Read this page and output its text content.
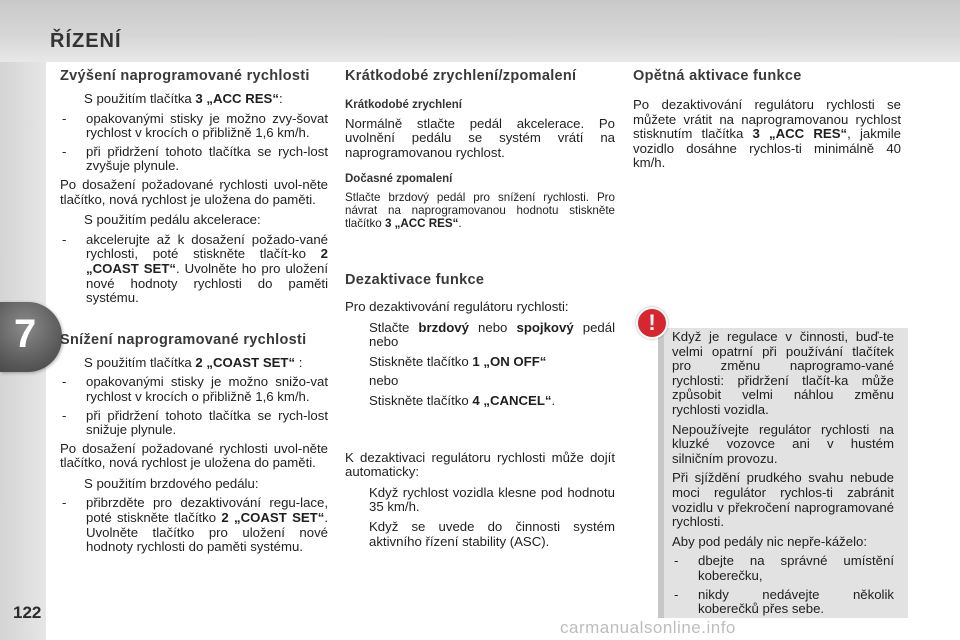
ŘÍZENÍ
7
122
Zvýšení naprogramované rychlosti
S použitím tlačítka 3 „ACC RES“:
- opakovanými stisky je možno zvy-šovat rychlost v krocích o přibližně 1,6 km/h.
- při přidržení tohoto tlačítka se rych-lost zvyšuje plynule.

Po dosažení požadované rychlosti uvol-něte tlačítko, nová rychlost je uložena do paměti.

S použitím pedálu akcelerace:
- akcelerujte až k dosažení požado-vané rychlosti, poté stiskněte tlačít-ko 2 „COAST SET“. Uvolněte ho pro uložení nové hodnoty rychlosti do paměti systému.
Snížení naprogramované rychlosti
S použitím tlačítka 2 „COAST SET“ :
- opakovanými stisky je možno snižo-vat rychlost v krocích o přibližně 1,6 km/h.
- při přidržení tohoto tlačítka se rych-lost snižuje plynule.

Po dosažení požadované rychlosti uvol-něte tlačítko, nová rychlost je uložena do paměti.

S použitím brzdového pedálu:
- přibrzděte pro dezaktivování regu-lace, poté stiskněte tlačítko 2 „COAST SET“. Uvolněte tlačítko pro uložení nové hodnoty rychlosti do paměti systému.
Krátkodobé zrychlení/zpomalení
Krátkodobé zrychlení

Normálně stlačte pedál akcelerace. Po uvolnění pedálu se systém vrátí na naprogramovanou rychlost.

Dočasné zpomalení

Stlačte brzdový pedál pro snížení rychlosti. Pro návrat na naprogramovanou hodnotu stiskněte tlačítko 3 „ACC RES“.

Dezaktivace funkce

Pro dezaktivování regulátoru rychlosti:

Stlačte brzdový nebo spojkový pedál nebo
Stiskněte tlačítko 1 „ON OFF“

nebo

Stiskněte tlačítko 4 „CANCEL“.

K dezaktivaci regulátoru rychlosti může dojít automaticky:

Když rychlost vozidla klesne pod hodnotu 35 km/h.
Když se uvede do činnosti systém aktivního řízení stability (ASC).
Opětná aktivace funkce

Po dezaktivování regulátoru rychlosti se můžete vrátit na naprogramovanou rychlost stisknutím tlačítka 3 „ACC RES“, jakmile vozidlo dosáhne rychlos-ti minimálně 40 km/h.

!

Když je regulace v činnosti, buď-te velmi opatrní při používání tlačítek pro změnu naprogramo-vané rychlosti: přidržení tlačít-ka může způsobit velmi náhlou změnu rychlosti vozidla.

Nepoužívejte regulátor rychlosti na kluzké vozovce ani v hustém silničním provozu.

Při sjíždění prudkého svahu nebude moci regulátor rychlos-ti zabránit vozidlu v překročení naprogramované rychlosti.

Aby pod pedály nic nepře-káželo:

- dbejte na správné umístění koberečku,
- nikdy nedávejte několik koberečků přes sebe.
carmanualsonline.info
